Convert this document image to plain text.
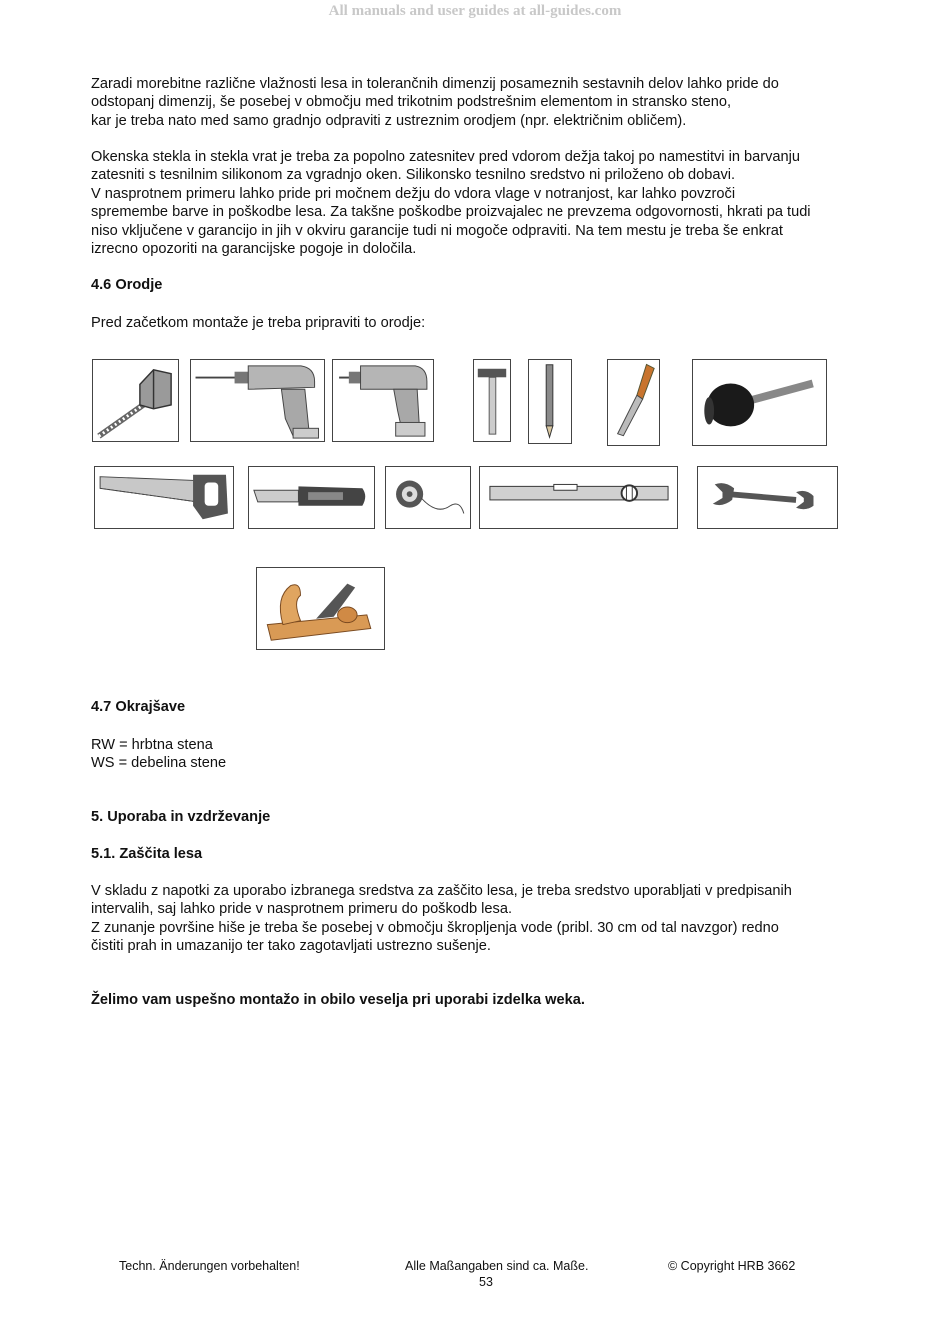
All manuals and user guides at all-guides.com
Zaradi morebitne različne vlažnosti lesa in tolerančnih dimenzij posameznih sestavnih delov lahko pride do
odstopanj dimenzij, še posebej v območju med trikotnim podstrešnim elementom in stransko steno,
kar je treba nato med samo gradnjo odpraviti z ustreznim orodjem (npr. električnim obličem).
Okenska stekla in stekla vrat je treba za popolno zatesnitev pred vdorom dežja takoj po namestitvi in barvanju
zatesniti s tesnilnim silikonom za vgradnjo oken. Silikonsko tesnilno sredstvo ni priloženo ob dobavi.
V nasprotnem primeru lahko pride pri močnem dežju do vdora vlage v notranjost, kar lahko povzroči
spremembe barve in poškodbe lesa. Za takšne poškodbe proizvajalec ne prevzema odgovornosti, hkrati pa tudi
niso vključene v garancijo in jih v okviru garancije tudi ni mogoče odpraviti. Na tem mestu je treba še enkrat
izrecno opozoriti na garancijske pogoje in določila.
4.6 Orodje
Pred začetkom montaže je treba pripraviti to orodje:
4.7 Okrajšave
RW = hrbtna stena
WS = debelina stene
5. Uporaba in vzdrževanje
5.1. Zaščita lesa
V skladu z napotki za uporabo izbranega sredstva za zaščito lesa, je treba sredstvo uporabljati v predpisanih
intervalih, saj lahko pride v nasprotnem primeru do poškodb lesa.
Z zunanje površine hiše je treba še posebej v območju škropljenja vode (pribl. 30 cm od tal navzgor) redno
čistiti prah in umazanijo ter tako zagotavljati ustrezno sušenje.
Želimo vam uspešno montažo in obilo veselja pri uporabi izdelka weka.
Techn. Änderungen vorbehalten!	Alle Maßangaben sind ca. Maße.	© Copyright HRB 3662
53
